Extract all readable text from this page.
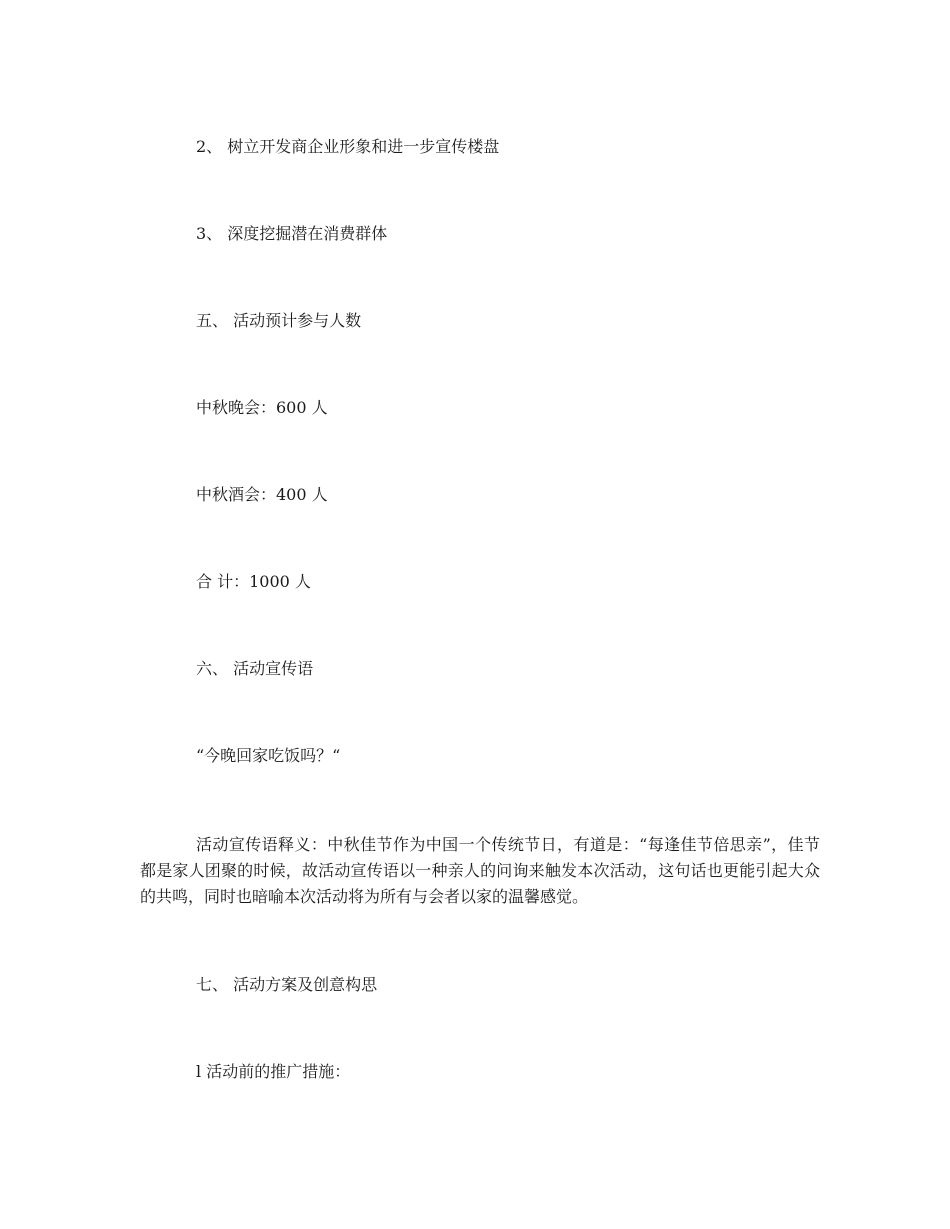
2、 树立开发商企业形象和进一步宣传楼盘
3、 深度挖掘潜在消费群体
五、 活动预计参与人数
中秋晚会：600 人
中秋酒会：400 人
合 计：1000 人
六、 活动宣传语
“今晚回家吃饭吗？“
活动宣传语释义：中秋佳节作为中国一个传统节日，有道是：“每逢佳节倍思亲”，佳节都是家人团聚的时候，故活动宣传语以一种亲人的问询来触发本次活动，这句话也更能引起大众的共鸣，同时也暗喻本次活动将为所有与会者以家的温馨感觉。
七、 活动方案及创意构思
l 活动前的推广措施：
